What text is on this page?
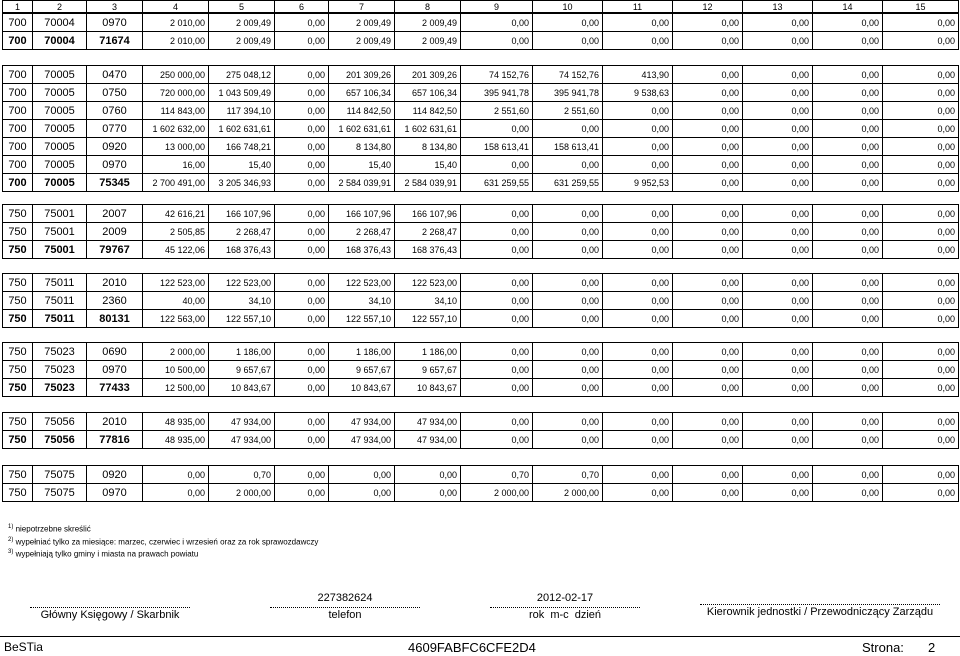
1	2	3	4	5	6	7	8	9	10	11	12	13	14	15
700	70004	0970	2 010,00	2 009,49	0,00	2 009,49	2 009,49	0,00	0,00	0,00	0,00	0,00	0,00	0,00
700	70004	71674	2 010,00	2 009,49	0,00	2 009,49	2 009,49	0,00	0,00	0,00	0,00	0,00	0,00	0,00
700	70005	0470	250 000,00	275 048,12	0,00	201 309,26	201 309,26	74 152,76	74 152,76	413,90	0,00	0,00	0,00	0,00
700	70005	0750	720 000,00	1 043 509,49	0,00	657 106,34	657 106,34	395 941,78	395 941,78	9 538,63	0,00	0,00	0,00	0,00
700	70005	0760	114 843,00	117 394,10	0,00	114 842,50	114 842,50	2 551,60	2 551,60	0,00	0,00	0,00	0,00	0,00
700	70005	0770	1 602 632,00	1 602 631,61	0,00	1 602 631,61	1 602 631,61	0,00	0,00	0,00	0,00	0,00	0,00	0,00
700	70005	0920	13 000,00	166 748,21	0,00	8 134,80	8 134,80	158 613,41	158 613,41	0,00	0,00	0,00	0,00	0,00
700	70005	0970	16,00	15,40	0,00	15,40	15,40	0,00	0,00	0,00	0,00	0,00	0,00	0,00
700	70005	75345	2 700 491,00	3 205 346,93	0,00	2 584 039,91	2 584 039,91	631 259,55	631 259,55	9 952,53	0,00	0,00	0,00	0,00
750	75001	2007	42 616,21	166 107,96	0,00	166 107,96	166 107,96	0,00	0,00	0,00	0,00	0,00	0,00	0,00
750	75001	2009	2 505,85	2 268,47	0,00	2 268,47	2 268,47	0,00	0,00	0,00	0,00	0,00	0,00	0,00
750	75001	79767	45 122,06	168 376,43	0,00	168 376,43	168 376,43	0,00	0,00	0,00	0,00	0,00	0,00	0,00
750	75011	2010	122 523,00	122 523,00	0,00	122 523,00	122 523,00	0,00	0,00	0,00	0,00	0,00	0,00	0,00
750	75011	2360	40,00	34,10	0,00	34,10	34,10	0,00	0,00	0,00	0,00	0,00	0,00	0,00
750	75011	80131	122 563,00	122 557,10	0,00	122 557,10	122 557,10	0,00	0,00	0,00	0,00	0,00	0,00	0,00
750	75023	0690	2 000,00	1 186,00	0,00	1 186,00	1 186,00	0,00	0,00	0,00	0,00	0,00	0,00	0,00
750	75023	0970	10 500,00	9 657,67	0,00	9 657,67	9 657,67	0,00	0,00	0,00	0,00	0,00	0,00	0,00
750	75023	77433	12 500,00	10 843,67	0,00	10 843,67	10 843,67	0,00	0,00	0,00	0,00	0,00	0,00	0,00
750	75056	2010	48 935,00	47 934,00	0,00	47 934,00	47 934,00	0,00	0,00	0,00	0,00	0,00	0,00	0,00
750	75056	77816	48 935,00	47 934,00	0,00	47 934,00	47 934,00	0,00	0,00	0,00	0,00	0,00	0,00	0,00
750	75075	0920	0,00	0,70	0,00	0,00	0,00	0,70	0,70	0,00	0,00	0,00	0,00	0,00
750	75075	0970	0,00	2 000,00	0,00	0,00	0,00	2 000,00	2 000,00	0,00	0,00	0,00	0,00	0,00
$^{1)}$ niepotrzebne skreślić
$^{2)}$ wypełniać tylko za miesiące: marzec, czerwiec i wrzesień oraz za rok sprawozdawczy
$^{3)}$ wypełniają tylko gminy i miasta na prawach powiatu
Główny Księgowy / Skarbnik
227382624
telefon
2012-02-17
rok m-c dzień	Kierownik jednostki / Przewodniczący Zarządu
BeSTia	4609FABFC6CFE2D4	Strona: 2
